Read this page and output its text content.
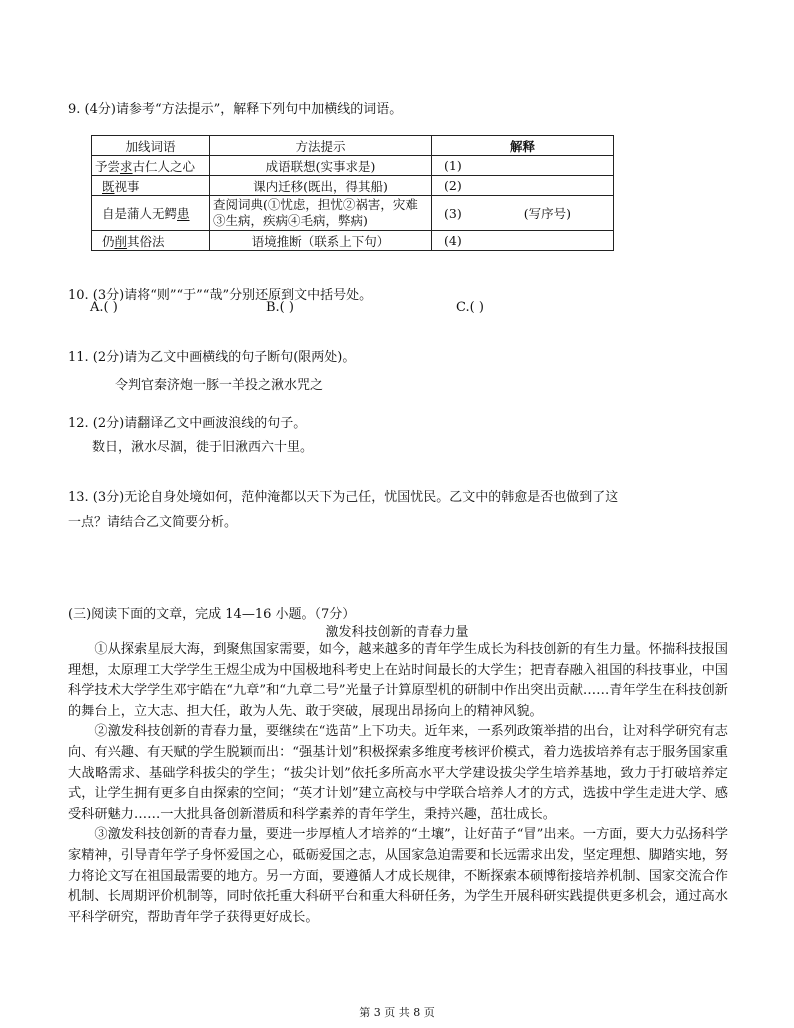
9. (4分)请参考“方法提示”，解释下列句中加横线的词语。
加线词语	方法提示	解释
予尝求古仁人之心	成语联想(实事求是)	(1)
既视事	课内迁移(既出，得其船)	(2)
自是蒲人无鳄患	查阅词典(①忧虑，担忧②祸害，灾难③生病，疾病④毛病，弊病)	(3) (写序号)
仍削其俗法	语境推断（联系上下句）	(4)
10. (3分)请将“则”“于”“哉”分别还原到文中括号处。
A.( )	B.( )	C.( )
11. (2分)请为乙文中画横线的句子断句(限两处)。
令判官秦济炮一豚一羊投之湫水咒之
12. (2分)请翻译乙文中画波浪线的句子。
数日，湫水尽涸，徙于旧湫西六十里。
13. (3分)无论自身处境如何，范仲淹都以天下为己任，忧国忧民。乙文中的韩愈是否也做到了这
一点？请结合乙文简要分析。
(三)阅读下面的文章，完成 14—16 小题。（7分）
激发科技创新的青春力量

①从探索星辰大海，到聚焦国家需要，如今，越来越多的青年学生成长为科技创新的有生力量。怀揣科技报国理想，太原理工大学学生王煜尘成为中国极地科考史上在站时间最长的大学生；把青春融入祖国的科技事业，中国科学技术大学学生邓宇皓在“九章”和“九章二号”光量子计算原型机的研制中作出突出贡献……青年学生在科技创新的舞台上，立大志、担大任，敢为人先、敢于突破，展现出昂扬向上的精神风貌。

②激发科技创新的青春力量，要继续在“选苗”上下功夫。近年来，一系列政策举措的出台，让对科学研究有志向、有兴趣、有天赋的学生脱颖而出：“强基计划”积极探索多维度考核评价模式，着力选拔培养有志于服务国家重大战略需求、基础学科拔尖的学生；“拔尖计划”依托多所高水平大学建设拔尖学生培养基地，致力于打破培养定式，让学生拥有更多自由探索的空间；“英才计划”建立高校与中学联合培养人才的方式，选拔中学生走进大学、感受科研魅力……一大批具备创新潜质和科学素养的青年学生，秉持兴趣，茁壮成长。

③激发科技创新的青春力量，要进一步厚植人才培养的“土壤”，让好苗子“冒”出来。一方面，要大力弘扬科学家精神，引导青年学子身怀爱国之心，砥砺爱国之志，从国家急迫需要和长远需求出发，坚定理想、脚踏实地，努力将论文写在祖国最需要的地方。另一方面，要遵循人才成长规律，不断探索本硕博衔接培养机制、国家交流合作机制、长周期评价机制等，同时依托重大科研平台和重大科研任务，为学生开展科研实践提供更多机会，通过高水平科学研究，帮助青年学子获得更好成长。

第 3 页 共 8 页
